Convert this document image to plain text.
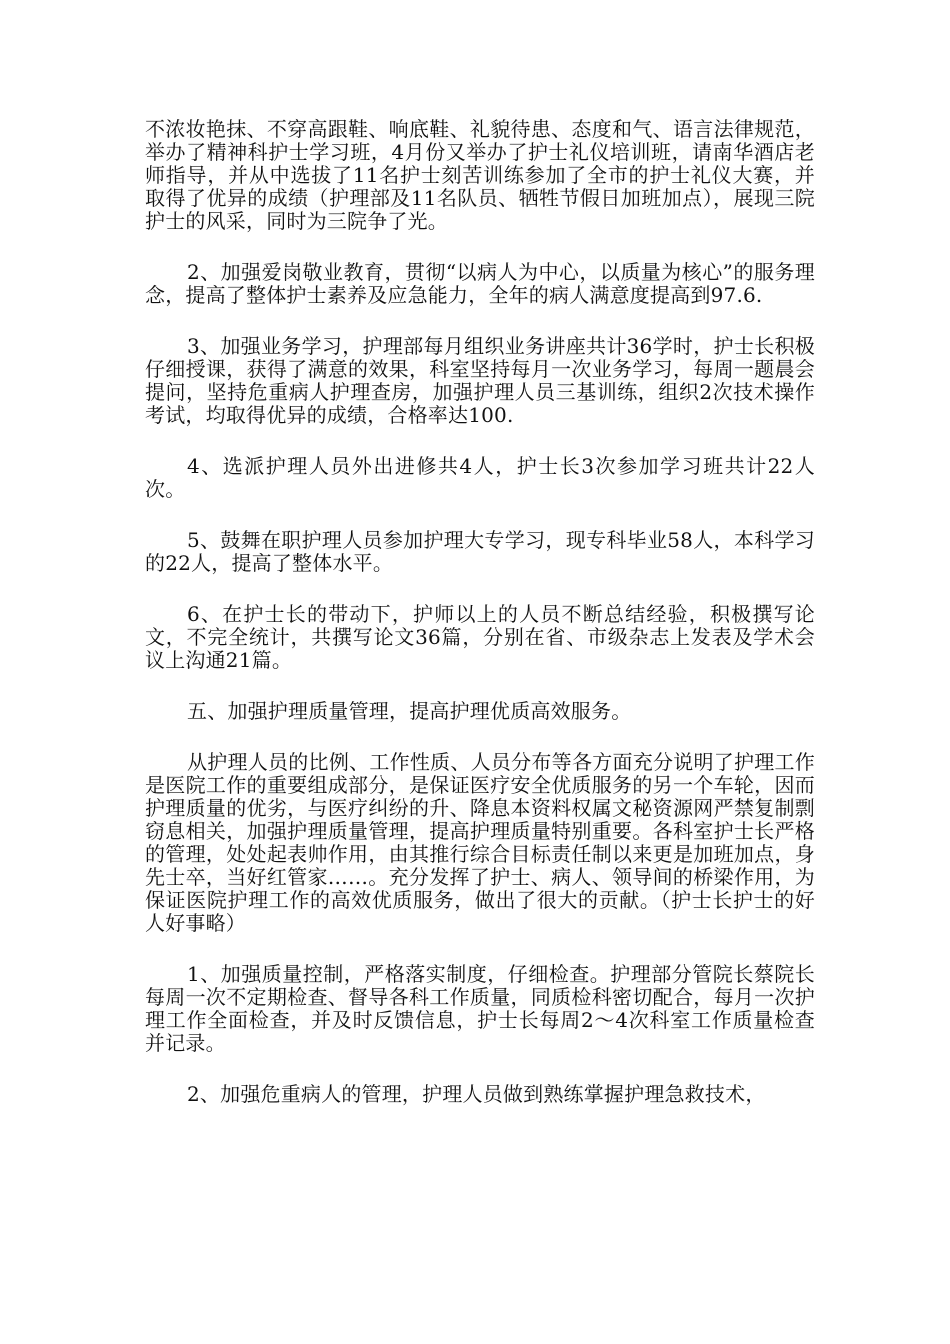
不浓妆艳抹、不穿高跟鞋、响底鞋、礼貌待患、态度和气、语言法律规范，举办了精神科护士学习班，4月份又举办了护士礼仪培训班，请南华酒店老师指导，并从中选拔了11名护士刻苦训练参加了全市的护士礼仪大赛，并取得了优异的成绩（护理部及11名队员、牺牲节假日加班加点），展现三院护士的风采，同时为三院争了光。

2、加强爱岗敬业教育，贯彻“以病人为中心，以质量为核心”的服务理念，提高了整体护士素养及应急能力，全年的病人满意度提高到97.6.

3、加强业务学习，护理部每月组织业务讲座共计36学时，护士长积极仔细授课，获得了满意的效果，科室坚持每月一次业务学习，每周一题晨会提问，坚持危重病人护理查房，加强护理人员三基训练，组织2次技术操作考试，均取得优异的成绩，合格率达100.

4、选派护理人员外出进修共4人，护士长3次参加学习班共计22人次。

5、鼓舞在职护理人员参加护理大专学习，现专科毕业58人，本科学习的22人，提高了整体水平。

6、在护士长的带动下，护师以上的人员不断总结经验，积极撰写论文，不完全统计，共撰写论文36篇，分别在省、市级杂志上发表及学术会议上沟通21篇。

五、加强护理质量管理，提高护理优质高效服务。

从护理人员的比例、工作性质、人员分布等各方面充分说明了护理工作是医院工作的重要组成部分，是保证医疗安全优质服务的另一个车轮，因而护理质量的优劣，与医疗纠纷的升、降息本资料权属文秘资源网严禁复制剽窃息相关，加强护理质量管理，提高护理质量特别重要。各科室护士长严格的管理，处处起表帅作用，由其推行综合目标责任制以来更是加班加点，身先士卒，当好红管家……。充分发挥了护士、病人、领导间的桥梁作用，为保证医院护理工作的高效优质服务，做出了很大的贡献。（护士长护士的好人好事略）

1、加强质量控制，严格落实制度，仔细检查。护理部分管院长蔡院长每周一次不定期检查、督导各科工作质量，同质检科密切配合，每月一次护理工作全面检查，并及时反馈信息，护士长每周2～4次科室工作质量检查并记录。

2、加强危重病人的管理，护理人员做到熟练掌握护理急救技术，
